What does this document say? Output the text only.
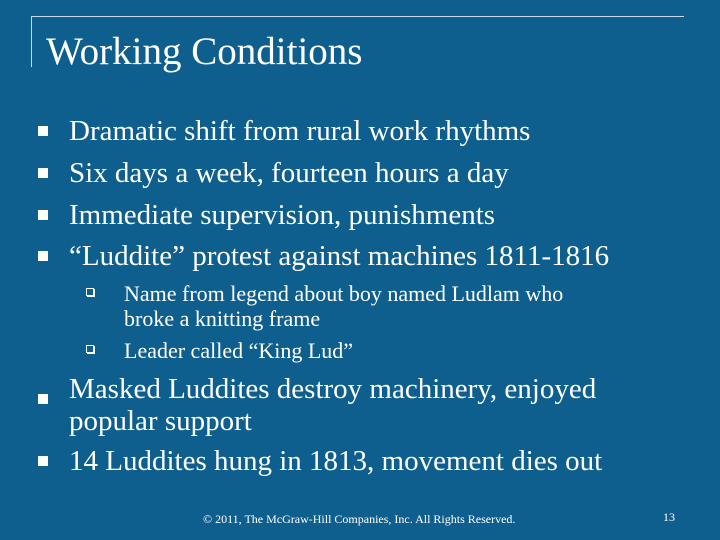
Working Conditions
Dramatic shift from rural work rhythms
Six days a week, fourteen hours a day
Immediate supervision, punishments
“Luddite” protest against machines 1811-1816
Name from legend about boy named Ludlam who
broke a knitting frame
Leader called “King Lud”
Masked Luddites destroy machinery, enjoyed
popular support
14 Luddites hung in 1813, movement dies out
© 2011, The McGraw-Hill Companies, Inc. All Rights Reserved.	13
